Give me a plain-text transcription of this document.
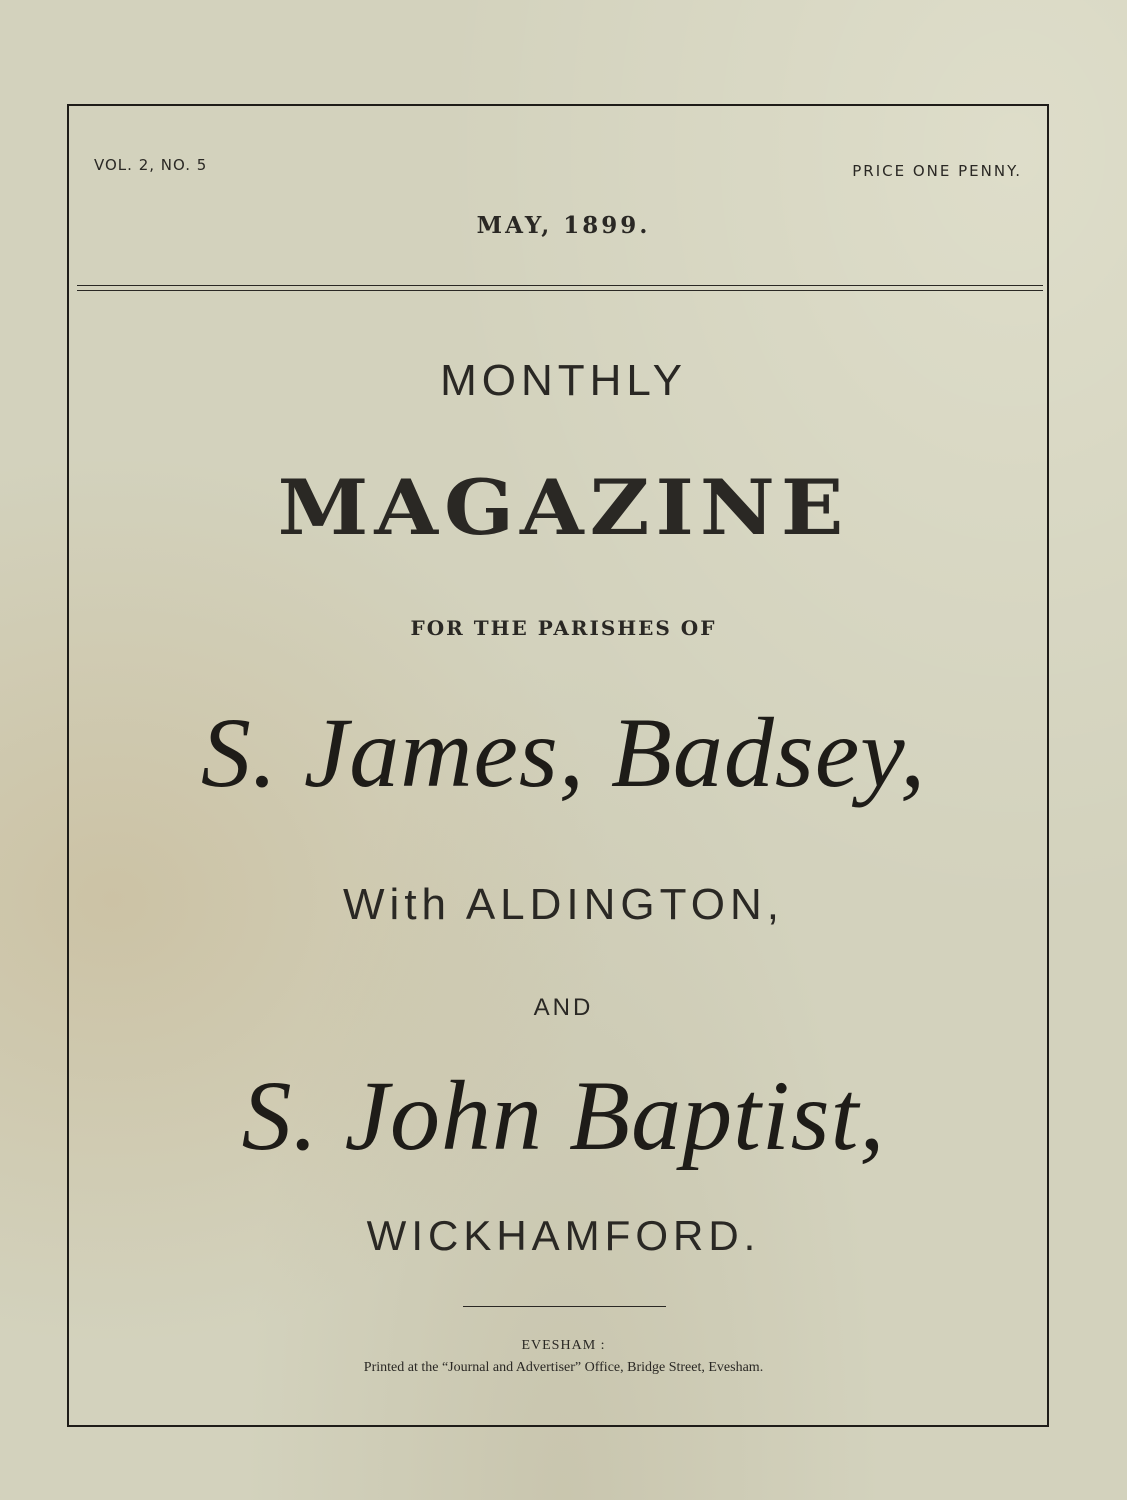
VOL. 2, NO. 5	PRICE ONE PENNY.
MAY, 1899.
MONTHLY
MAGAZINE
FOR THE PARISHES OF
S. James, Badsey,
With ALDINGTON,
AND
S. John Baptist,
WICKHAMFORD.
EVESHAM :
Printed at the “Journal and Advertiser” Office, Bridge Street, Evesham.
